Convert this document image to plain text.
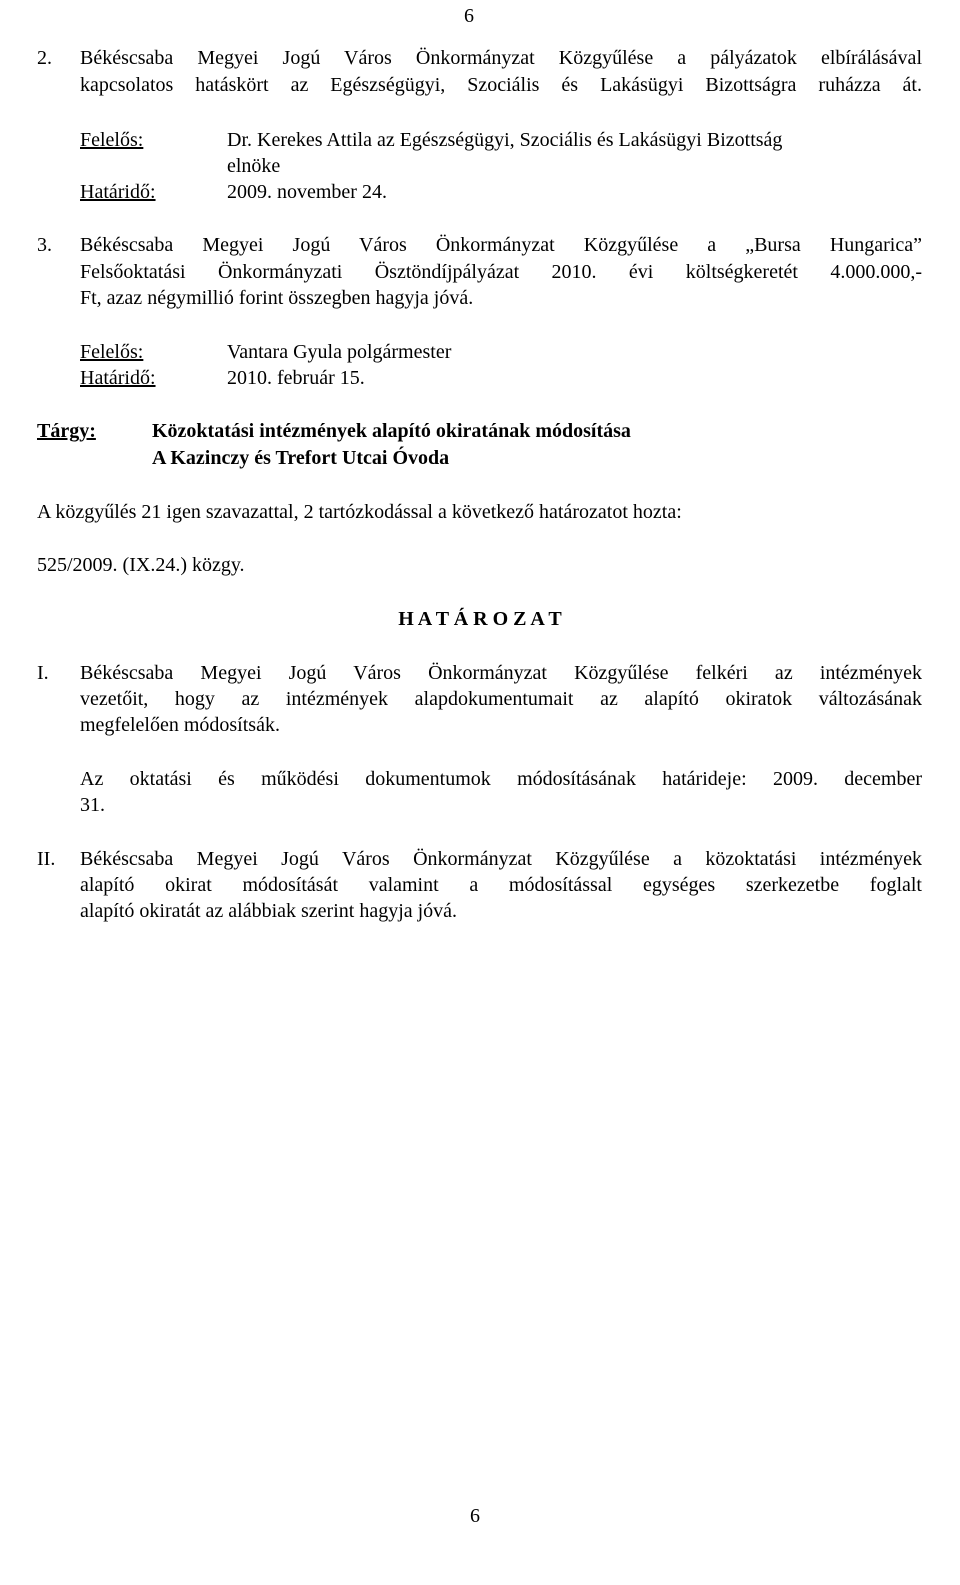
6
2. Békéscsaba Megyei Jogú Város Önkormányzat Közgyűlése a pályázatok elbírálásával
kapcsolatos hatáskört az Egészségügyi, Szociális és Lakásügyi Bizottságra ruházza át.
Felelős:	Dr. Kerekes Attila az Egészségügyi, Szociális és Lakásügyi Bizottság
elnöke
Határidő:	2009. november 24.
3. Békéscsaba Megyei Jogú Város Önkormányzat Közgyűlése a „Bursa Hungarica”
Felsőoktatási Önkormányzati Ösztöndíjpályázat 2010. évi költségkeretét 4.000.000,-
Ft, azaz négymillió forint összegben hagyja jóvá.
Felelős:	Vantara Gyula polgármester
Határidő:	2010. február 15.
Tárgy:	Közoktatási intézmények alapító okiratának módosítása
A Kazinczy és Trefort Utcai Óvoda
A közgyűlés 21 igen szavazattal, 2 tartózkodással a következő határozatot hozta:
525/2009. (IX.24.) közgy.
H A T Á R O Z A T
I. Békéscsaba Megyei Jogú Város Önkormányzat Közgyűlése felkéri az intézmények
vezetőit, hogy az intézmények alapdokumentumait az alapító okiratok változásának
megfelelően módosítsák.
Az oktatási és működési dokumentumok módosításának határideje: 2009. december
31.
II. Békéscsaba Megyei Jogú Város Önkormányzat Közgyűlése a közoktatási intézmények
alapító okirat módosítását valamint a módosítással egységes szerkezetbe foglalt
alapító okiratát az alábbiak szerint hagyja jóvá.
6
